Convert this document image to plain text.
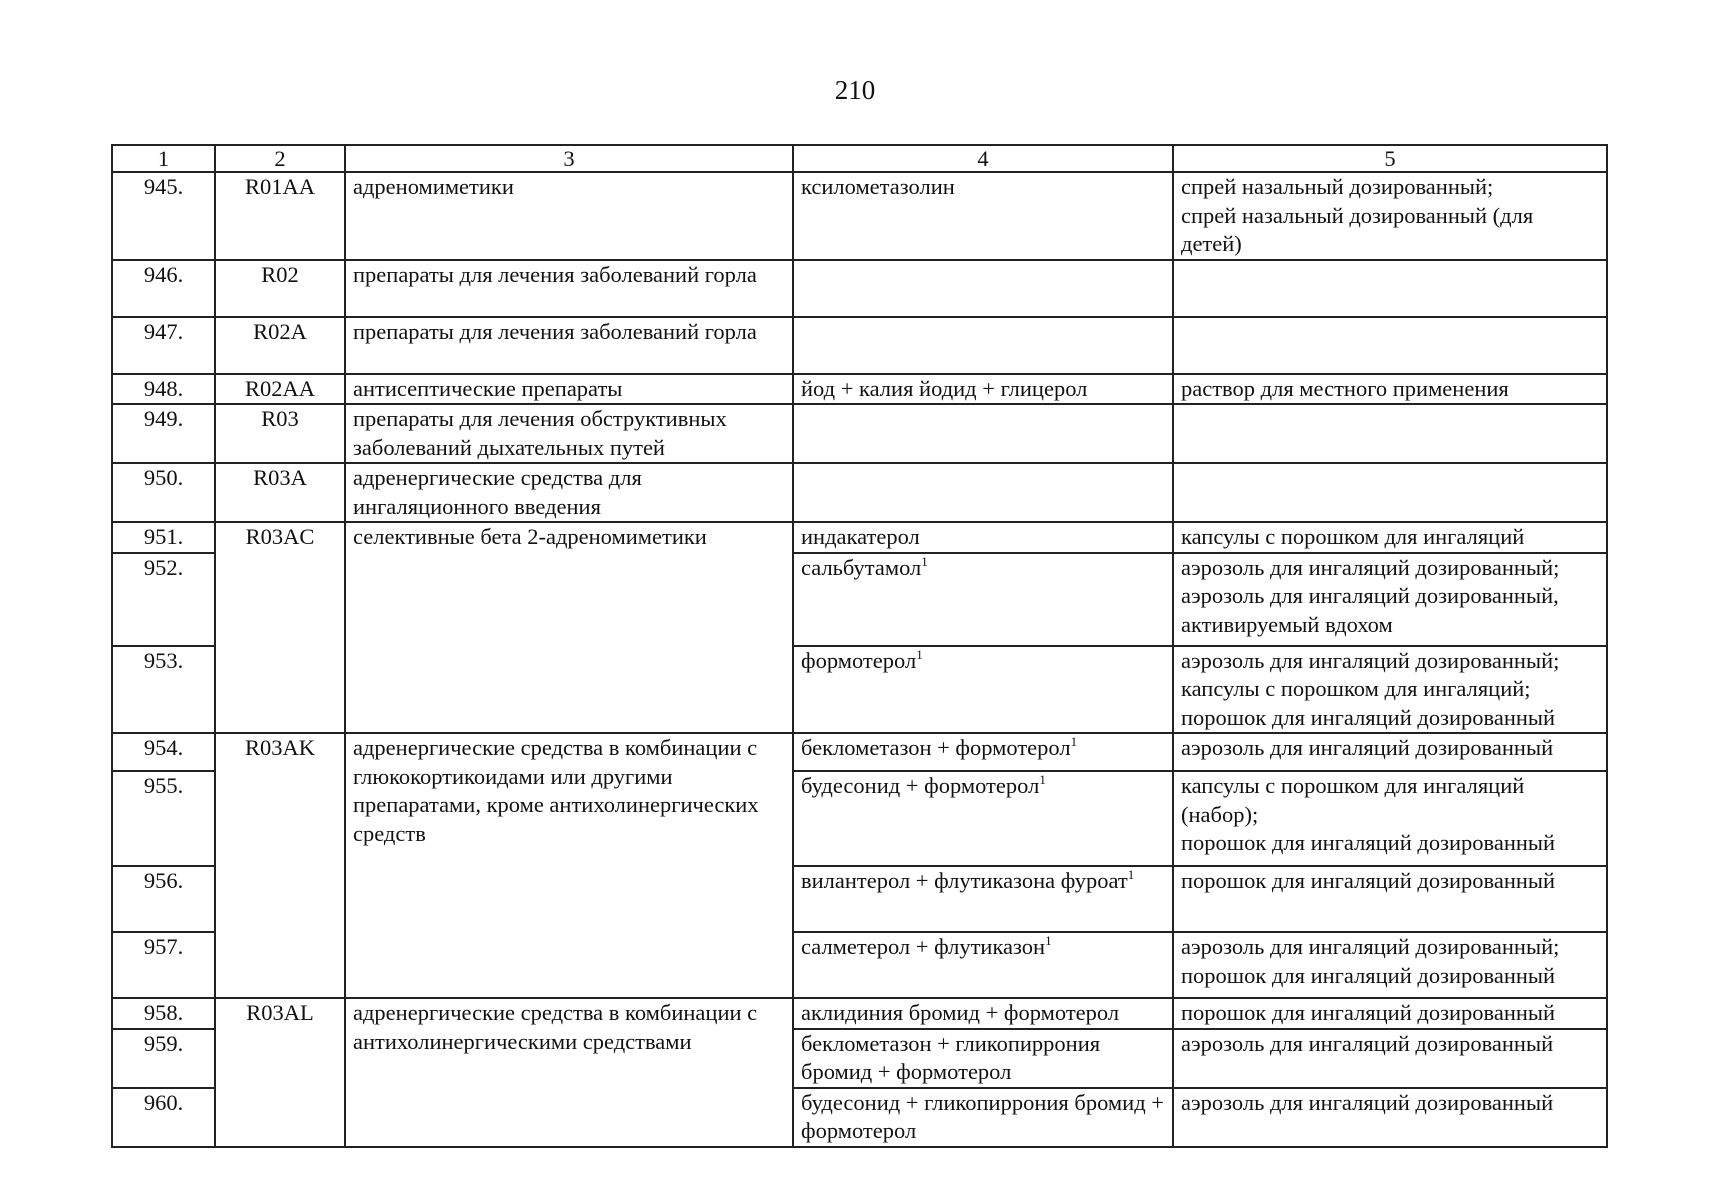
210
1	2	3	4	5
945.	R01AA	адреномиметики	ксилометазолин	спрей назальный дозированный;
спрей назальный дозированный (для детей)
946.	R02	препараты для лечения заболеваний горла		
947.	R02A	препараты для лечения заболеваний горла		
948.	R02AA	антисептические препараты	йод + калия йодид + глицерол	раствор для местного применения
949.	R03	препараты для лечения обструктивных заболеваний дыхательных путей		
950.	R03A	адренергические средства для ингаляционного введения		
951.	R03AC	селективные бета 2-адреномиметики	индакатерол	капсулы с порошком для ингаляций
952.			сальбутамол$^1$	аэрозоль для ингаляций дозированный;
аэрозоль для ингаляций дозированный, активируемый вдохом
953.			формотерол$^1$	аэрозоль для ингаляций дозированный;
капсулы с порошком для ингаляций;
порошок для ингаляций дозированный
954.	R03AK	адренергические средства в комбинации с глюкокортикоидами или другими препаратами, кроме антихолинергических средств	беклометазон + формотерол$^1$	аэрозоль для ингаляций дозированный
955.			будесонид + формотерол$^1$	капсулы с порошком для ингаляций (набор);
порошок для ингаляций дозированный
956.			вилантерол + флутиказона фуроат$^1$	порошок для ингаляций дозированный
957.			салметерол + флутиказон$^1$	аэрозоль для ингаляций дозированный;
порошок для ингаляций дозированный
958.	R03AL	адренергические средства в комбинации с антихолинергическими средствами	аклидиния бромид + формотерол	порошок для ингаляций дозированный
959.			беклометазон + гликопиррония бромид + формотерол	аэрозоль для ингаляций дозированный
960.			будесонид + гликопиррония бромид + формотерол	аэрозоль для ингаляций дозированный
